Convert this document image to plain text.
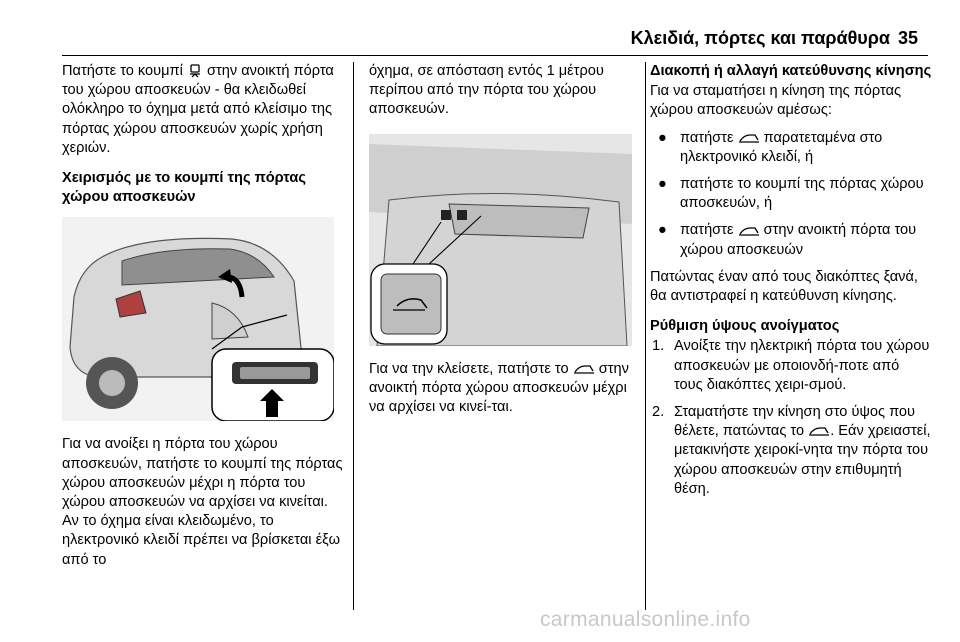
Κλειδιά, πόρτες και παράθυρα 35

Πατήστε το κουμπί στην ανοικτή πόρτα του χώρου αποσκευών - θα κλειδωθεί ολόκληρο το όχημα μετά από κλείσιμο της πόρτας χώρου αποσκευών χωρίς χρήση χεριών.

Χειρισμός με το κουμπί της πόρτας χώρου αποσκευών

Για να ανοίξει η πόρτα του χώρου αποσκευών, πατήστε το κουμπί της πόρτας χώρου αποσκευών μέχρι η πόρτα του χώρου αποσκευών να αρχίσει να κινείται. Αν το όχημα είναι κλειδωμένο, το ηλεκτρονικό κλειδί πρέπει να βρίσκεται έξω από το

όχημα, σε απόσταση εντός 1 μέτρου περίπου από την πόρτα του χώρου αποσκευών.

Για να την κλείσετε, πατήστε το στην ανοικτή πόρτα χώρου αποσκευών μέχρι να αρχίσει να κινεί-ται.

Διακοπή ή αλλαγή κατεύθυνσης κίνησης

Για να σταματήσει η κίνηση της πόρτας χώρου αποσκευών αμέσως:

● πατήστε παρατεταμένα στο ηλεκτρονικό κλειδί, ή
● πατήστε το κουμπί της πόρτας χώρου αποσκευών, ή
● πατήστε στην ανοικτή πόρτα του χώρου αποσκευών

Πατώντας έναν από τους διακόπτες ξανά, θα αντιστραφεί η κατεύθυνση κίνησης.

Ρύθμιση ύψους ανοίγματος
1. Ανοίξτε την ηλεκτρική πόρτα του χώρου αποσκευών με οποιονδή-ποτε από τους διακόπτες χειρι-σμού.
2. Σταματήστε την κίνηση στο ύψος που θέλετε, πατώντας το . Εάν χρειαστεί, μετακινήστε χειροκί-νητα την πόρτα του χώρου αποσκευών στην επιθυμητή θέση.
carmanualsonline.info
